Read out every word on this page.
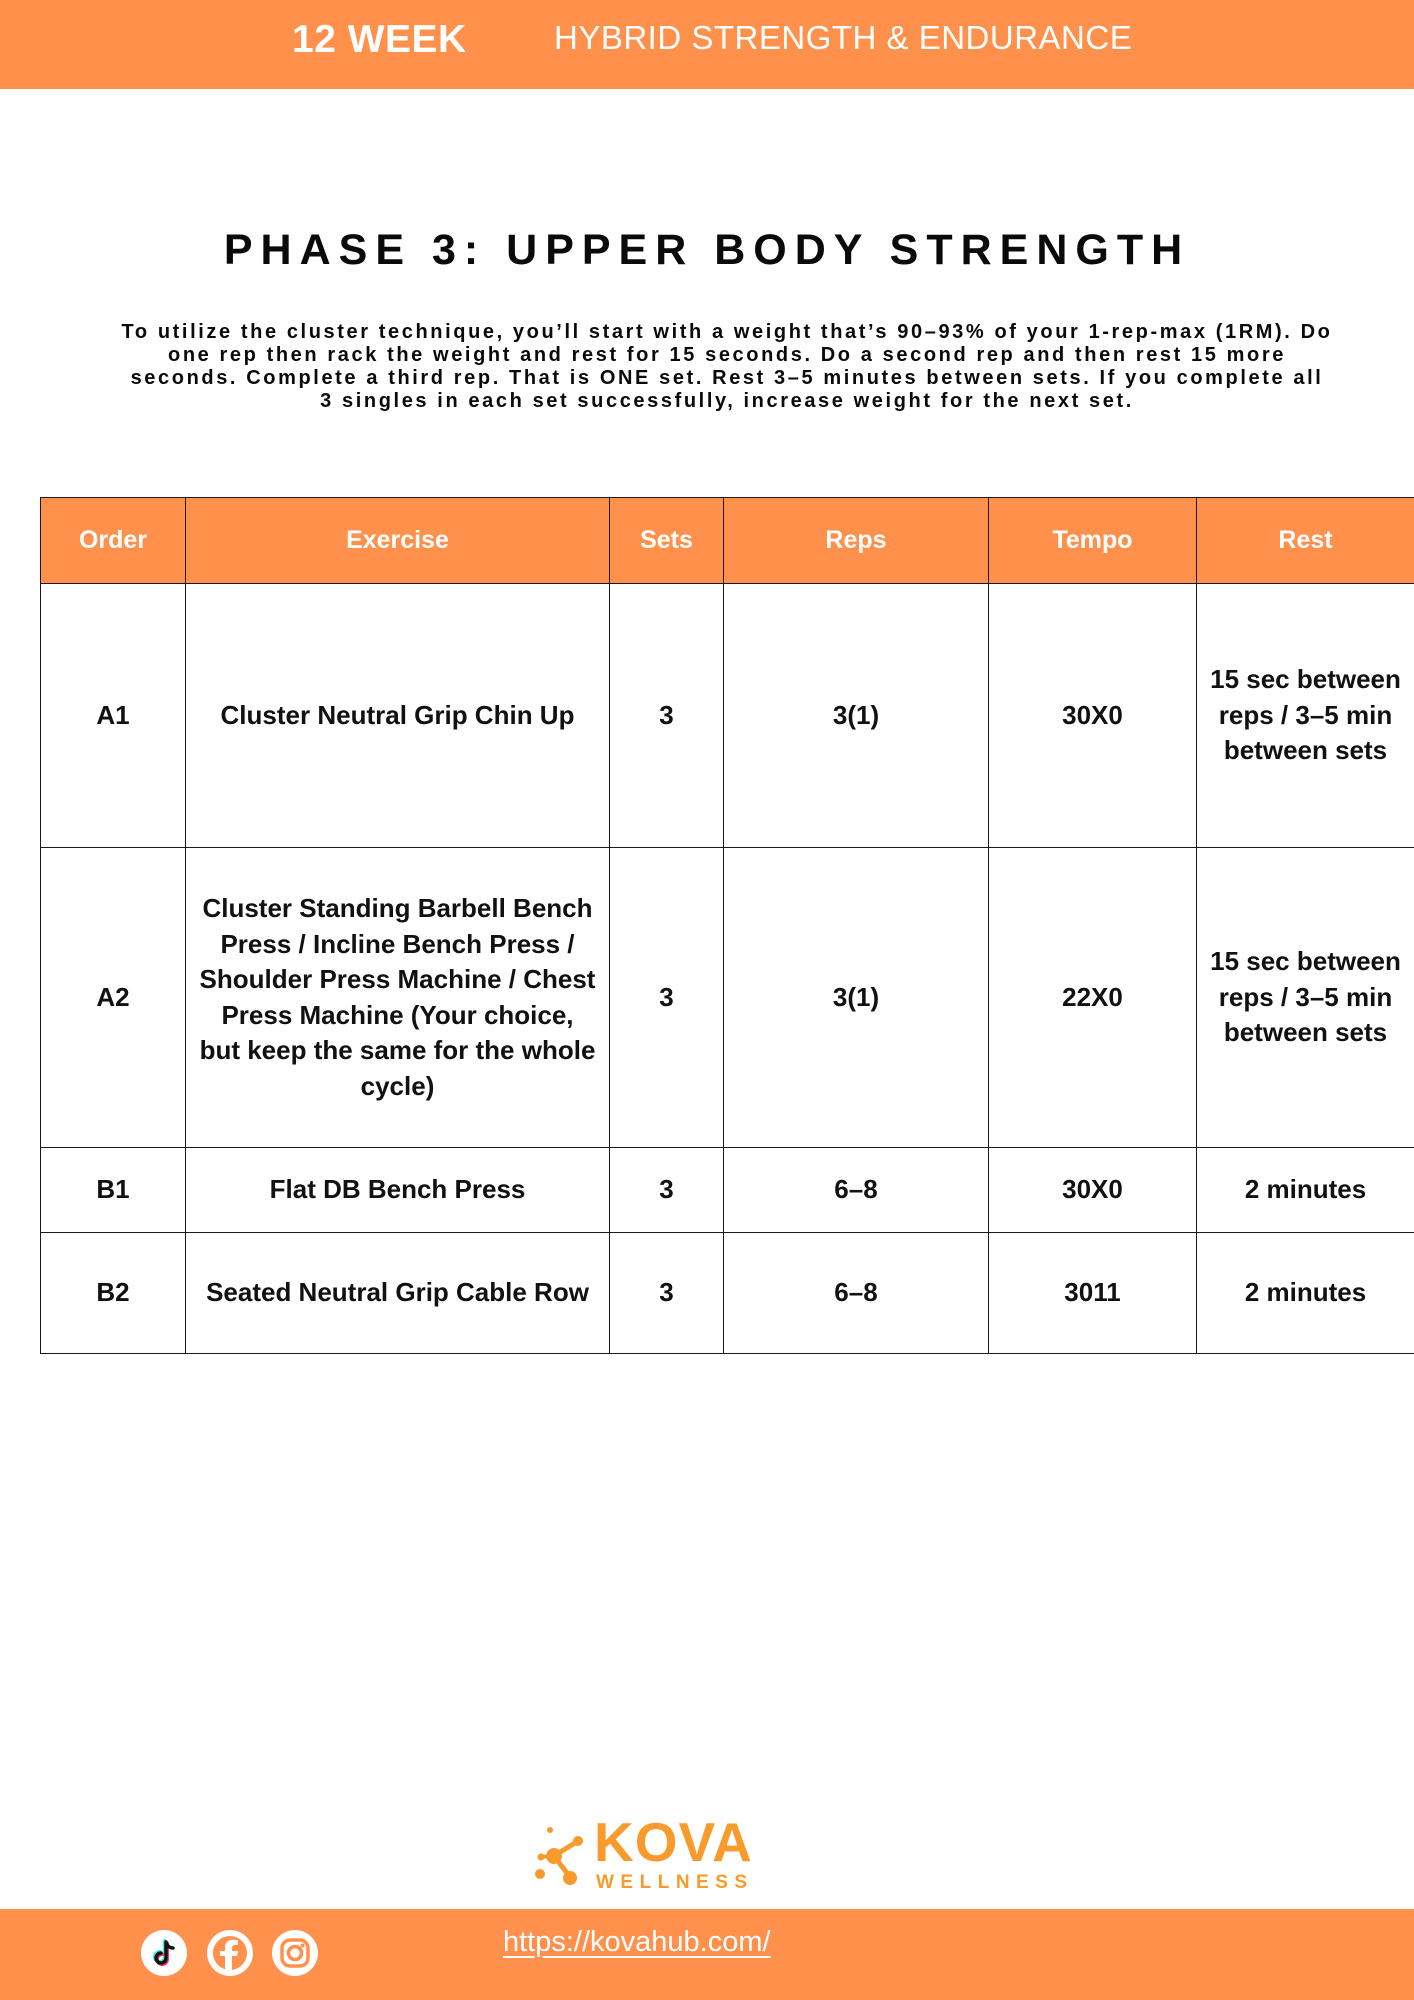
12 WEEK	HYBRID STRENGTH & ENDURANCE
PHASE 3: UPPER BODY STRENGTH
To utilize the cluster technique, you’ll start with a weight that’s 90–93% of your 1-rep-max (1RM). Do one rep then rack the weight and rest for 15 seconds. Do a second rep and then rest 15 more seconds. Complete a third rep. That is ONE set. Rest 3–5 minutes between sets. If you complete all 3 singles in each set successfully, increase weight for the next set.
Order	Exercise	Sets	Reps	Tempo	Rest
A1	Cluster Neutral Grip Chin Up	3	3(1)	30X0	15 sec between reps / 3–5 min between sets
A2	Cluster Standing Barbell Bench Press / Incline Bench Press / Shoulder Press Machine / Chest Press Machine (Your choice, but keep the same for the whole cycle)	3	3(1)	22X0	15 sec between reps / 3–5 min between sets
B1	Flat DB Bench Press	3	6–8	30X0	2 minutes
B2	Seated Neutral Grip Cable Row	3	6–8	3011	2 minutes
KOVA
WELLNESS
https://kovahub.com/
